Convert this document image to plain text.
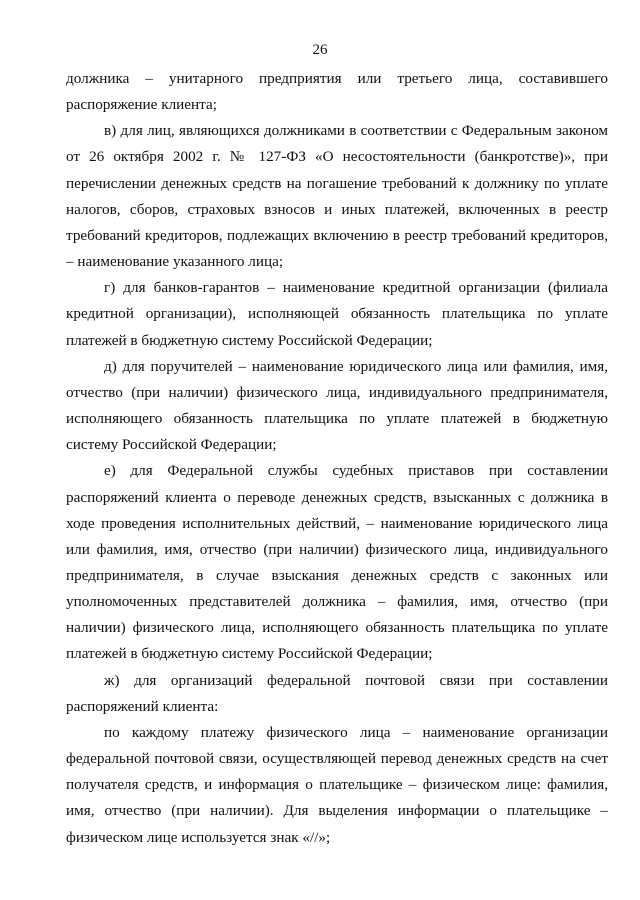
26

должника – унитарного предприятия или третьего лица, составившего распоряжение клиента;

в) для лиц, являющихся должниками в соответствии с Федеральным законом от 26 октября 2002 г. № 127-ФЗ «О несостоятельности (банкротстве)», при перечислении денежных средств на погашение требований к должнику по уплате налогов, сборов, страховых взносов и иных платежей, включенных в реестр требований кредиторов, подлежащих включению в реестр требований кредиторов, – наименование указанного лица;

г) для банков-гарантов – наименование кредитной организации (филиала кредитной организации), исполняющей обязанность плательщика по уплате платежей в бюджетную систему Российской Федерации;

д) для поручителей – наименование юридического лица или фамилия, имя, отчество (при наличии) физического лица, индивидуального предпринимателя, исполняющего обязанность плательщика по уплате платежей в бюджетную систему Российской Федерации;

е) для Федеральной службы судебных приставов при составлении распоряжений клиента о переводе денежных средств, взысканных с должника в ходе проведения исполнительных действий, – наименование юридического лица или фамилия, имя, отчество (при наличии) физического лица, индивидуального предпринимателя, в случае взыскания денежных средств с законных или уполномоченных представителей должника – фамилия, имя, отчество (при наличии) физического лица, исполняющего обязанность плательщика по уплате платежей в бюджетную систему Российской Федерации;

ж) для организаций федеральной почтовой связи при составлении распоряжений клиента:

по каждому платежу физического лица – наименование организации федеральной почтовой связи, осуществляющей перевод денежных средств на счет получателя средств, и информация о плательщике – физическом лице: фамилия, имя, отчество (при наличии). Для выделения информации о плательщике – физическом лице используется знак «//»;
